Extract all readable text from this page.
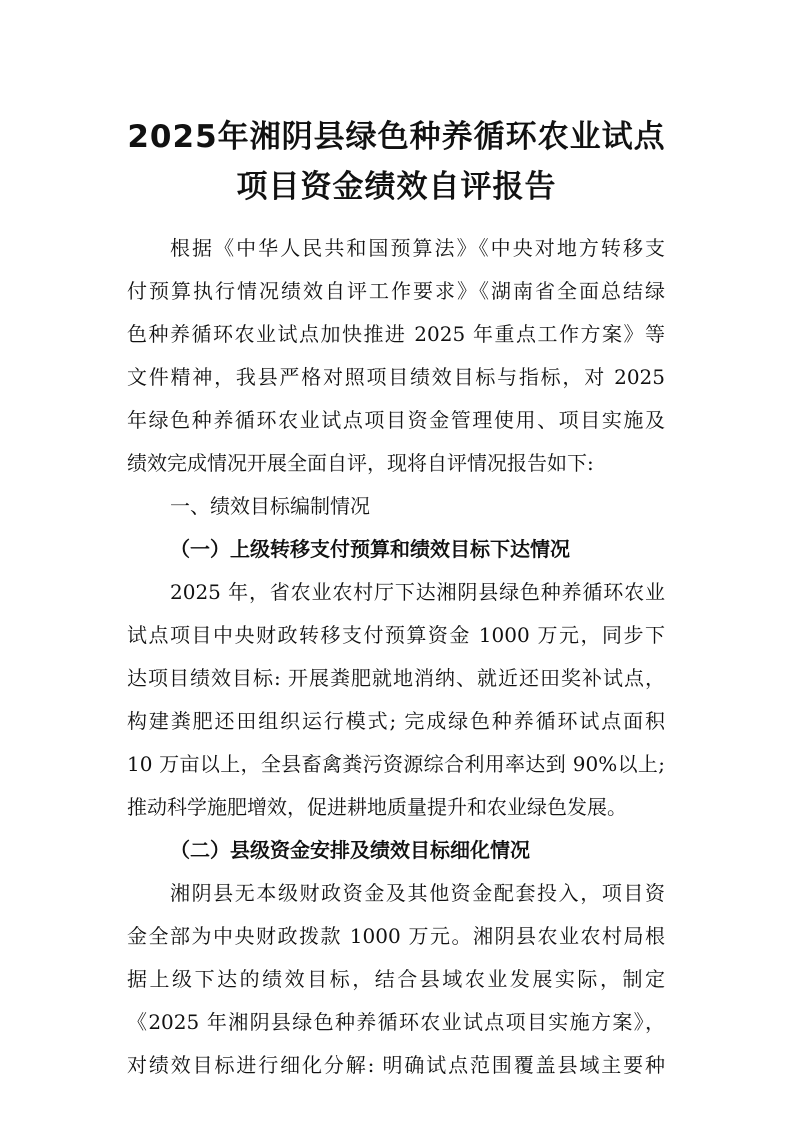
2025年湘阴县绿色种养循环农业试点
项目资金绩效自评报告
根据《中华人民共和国预算法》《中央对地方转移支
付预算执行情况绩效自评工作要求》《湖南省全面总结绿
色种养循环农业试点加快推进 2025 年重点工作方案》等
文件精神，我县严格对照项目绩效目标与指标，对 2025
年绿色种养循环农业试点项目资金管理使用、项目实施及
绩效完成情况开展全面自评，现将自评情况报告如下:
一、绩效目标编制情况
（一）上级转移支付预算和绩效目标下达情况
2025 年，省农业农村厅下达湘阴县绿色种养循环农业
试点项目中央财政转移支付预算资金 1000 万元，同步下
达项目绩效目标: 开展粪肥就地消纳、就近还田奖补试点，
构建粪肥还田组织运行模式; 完成绿色种养循环试点面积
10 万亩以上，全县畜禽粪污资源综合利用率达到 90%以上;
推动科学施肥增效，促进耕地质量提升和农业绿色发展。
（二）县级资金安排及绩效目标细化情况
湘阴县无本级财政资金及其他资金配套投入，项目资
金全部为中央财政拨款 1000 万元。湘阴县农业农村局根
据上级下达的绩效目标，结合县域农业发展实际，制定
《2025 年湘阴县绿色种养循环农业试点项目实施方案》，
对绩效目标进行细化分解: 明确试点范围覆盖县域主要种
